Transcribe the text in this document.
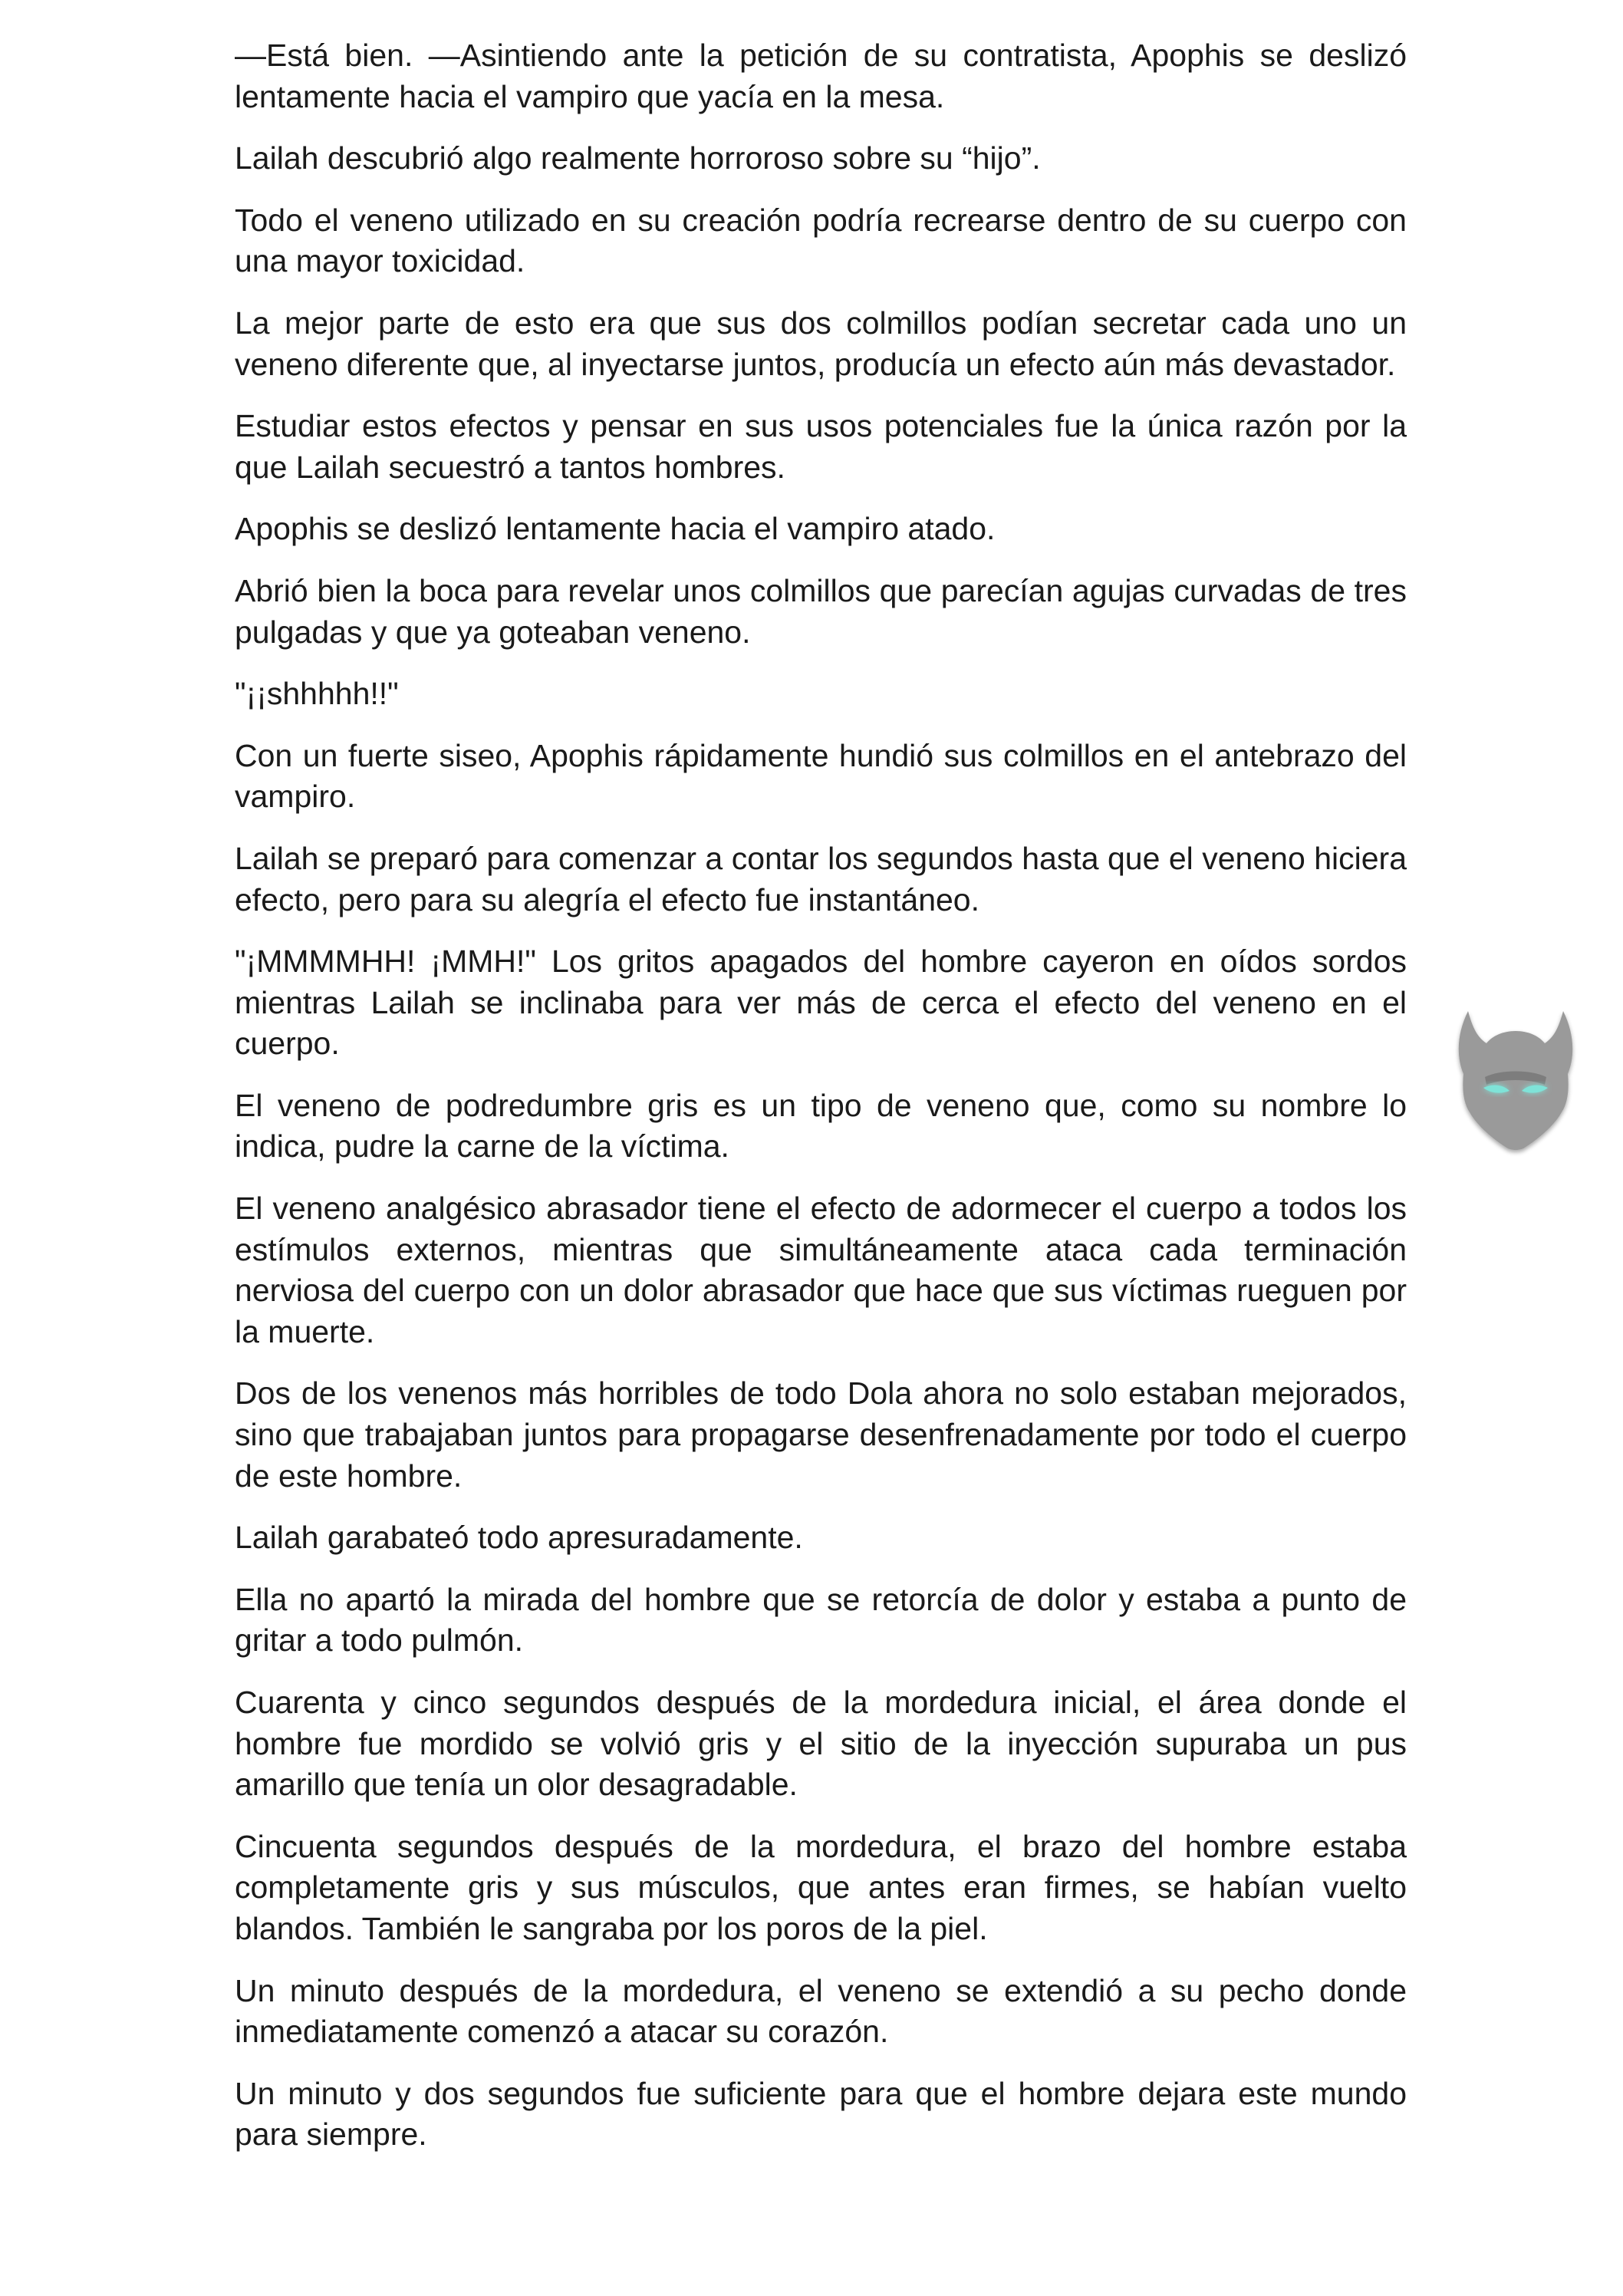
—Está bien. —Asintiendo ante la petición de su contratista, Apophis se deslizó lentamente hacia el vampiro que yacía en la mesa.

Lailah descubrió algo realmente horroroso sobre su “hijo”.

Todo el veneno utilizado en su creación podría recrearse dentro de su cuerpo con una mayor toxicidad.

La mejor parte de esto era que sus dos colmillos podían secretar cada uno un veneno diferente que, al inyectarse juntos, producía un efecto aún más devastador.

Estudiar estos efectos y pensar en sus usos potenciales fue la única razón por la que Lailah secuestró a tantos hombres.

Apophis se deslizó lentamente hacia el vampiro atado.

Abrió bien la boca para revelar unos colmillos que parecían agujas curvadas de tres pulgadas y que ya goteaban veneno.

"¡¡shhhhh!!"

Con un fuerte siseo, Apophis rápidamente hundió sus colmillos en el antebrazo del vampiro.

Lailah se preparó para comenzar a contar los segundos hasta que el veneno hiciera efecto, pero para su alegría el efecto fue instantáneo.

"¡MMMMHH! ¡MMH!" Los gritos apagados del hombre cayeron en oídos sordos mientras Lailah se inclinaba para ver más de cerca el efecto del veneno en el cuerpo.

El veneno de podredumbre gris es un tipo de veneno que, como su nombre lo indica, pudre la carne de la víctima.

El veneno analgésico abrasador tiene el efecto de adormecer el cuerpo a todos los estímulos externos, mientras que simultáneamente ataca cada terminación nerviosa del cuerpo con un dolor abrasador que hace que sus víctimas rueguen por la muerte.

Dos de los venenos más horribles de todo Dola ahora no solo estaban mejorados, sino que trabajaban juntos para propagarse desenfrenadamente por todo el cuerpo de este hombre.

Lailah garabateó todo apresuradamente.

Ella no apartó la mirada del hombre que se retorcía de dolor y estaba a punto de gritar a todo pulmón.

Cuarenta y cinco segundos después de la mordedura inicial, el área donde el hombre fue mordido se volvió gris y el sitio de la inyección supuraba un pus amarillo que tenía un olor desagradable.

Cincuenta segundos después de la mordedura, el brazo del hombre estaba completamente gris y sus músculos, que antes eran firmes, se habían vuelto blandos. También le sangraba por los poros de la piel.

Un minuto después de la mordedura, el veneno se extendió a su pecho donde inmediatamente comenzó a atacar su corazón.

Un minuto y dos segundos fue suficiente para que el hombre dejara este mundo para siempre.
